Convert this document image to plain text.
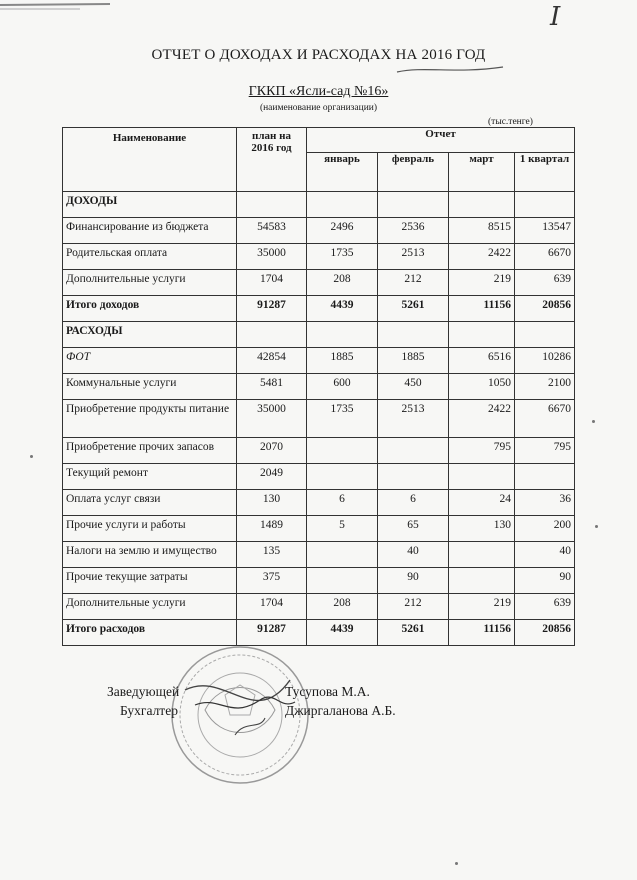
I
ОТЧЕТ О ДОХОДАХ И РАСХОДАХ НА 2016 ГОД
ГККП «Ясли-сад №16»
(наименование организации)
(тыс.тенге)
Наименование	план на 2016 год	Отчет			
		январь	февраль	март	1 квартал
ДОХОДЫ					
Финансирование из бюджета	54583	2496	2536	8515	13547
Родительская оплата	35000	1735	2513	2422	6670
Дополнительные услуги	1704	208	212	219	639
Итого доходов	91287	4439	5261	11156	20856
РАСХОДЫ					
ФОТ	42854	1885	1885	6516	10286
Коммунальные услуги	5481	600	450	1050	2100
Приобретение продукты питание	35000	1735	2513	2422	6670
Приобретение прочих запасов	2070			795	795
Текущий ремонт	2049				
Оплата услуг связи	130	6	6	24	36
Прочие услуги и работы	1489	5	65	130	200
Налоги на землю и имущество	135		40		40
Прочие текущие затраты	375		90		90
Дополнительные услуги	1704	208	212	219	639
Итого расходов	91287	4439	5261	11156	20856
Заведующей	Тусупова М.А.
Бухгалтер	Джиргаланова А.Б.
